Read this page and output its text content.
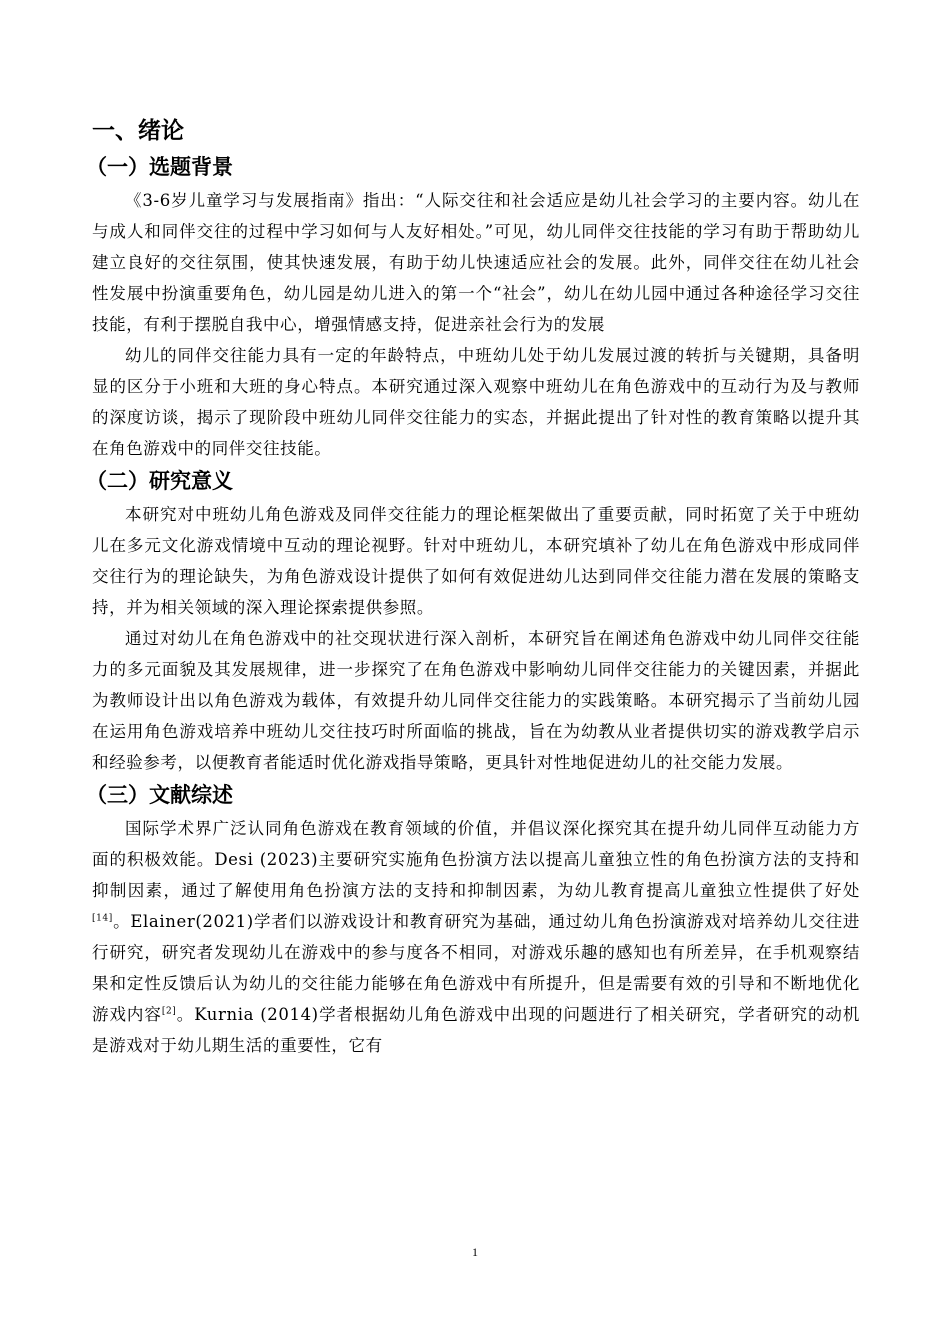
一、绪论
（一）选题背景

《3-6岁儿童学习与发展指南》指出：“人际交往和社会适应是幼儿社会学习的主要内容。幼儿在与成人和同伴交往的过程中学习如何与人友好相处。”可见，幼儿同伴交往技能的学习有助于帮助幼儿建立良好的交往氛围，使其快速发展，有助于幼儿快速适应社会的发展。此外，同伴交往在幼儿社会性发展中扮演重要角色，幼儿园是幼儿进入的第一个“社会”，幼儿在幼儿园中通过各种途径学习交往技能，有利于摆脱自我中心，增强情感支持，促进亲社会行为的发展

幼儿的同伴交往能力具有一定的年龄特点，中班幼儿处于幼儿发展过渡的转折与关键期，具备明显的区分于小班和大班的身心特点。本研究通过深入观察中班幼儿在角色游戏中的互动行为及与教师的深度访谈，揭示了现阶段中班幼儿同伴交往能力的实态，并据此提出了针对性的教育策略以提升其在角色游戏中的同伴交往技能。

（二）研究意义

本研究对中班幼儿角色游戏及同伴交往能力的理论框架做出了重要贡献，同时拓宽了关于中班幼儿在多元文化游戏情境中互动的理论视野。针对中班幼儿，本研究填补了幼儿在角色游戏中形成同伴交往行为的理论缺失，为角色游戏设计提供了如何有效促进幼儿达到同伴交往能力潜在发展的策略支持，并为相关领域的深入理论探索提供参照。

通过对幼儿在角色游戏中的社交现状进行深入剖析，本研究旨在阐述角色游戏中幼儿同伴交往能力的多元面貌及其发展规律，进一步探究了在角色游戏中影响幼儿同伴交往能力的关键因素，并据此为教师设计出以角色游戏为载体，有效提升幼儿同伴交往能力的实践策略。本研究揭示了当前幼儿园在运用角色游戏培养中班幼儿交往技巧时所面临的挑战，旨在为幼教从业者提供切实的游戏教学启示和经验参考，以便教育者能适时优化游戏指导策略，更具针对性地促进幼儿的社交能力发展。

（三）文献综述

国际学术界广泛认同角色游戏在教育领域的价值，并倡议深化探究其在提升幼儿同伴互动能力方面的积极效能。Desi (2023)主要研究实施角色扮演方法以提高儿童独立性的角色扮演方法的支持和抑制因素，通过了解使用角色扮演方法的支持和抑制因素，为幼儿教育提高儿童独立性提供了好处[14]。Elainer(2021)学者们以游戏设计和教育研究为基础，通过幼儿角色扮演游戏对培养幼儿交往进行研究，研究者发现幼儿在游戏中的参与度各不相同，对游戏乐趣的感知也有所差异，在手机观察结果和定性反馈后认为幼儿的交往能力能够在角色游戏中有所提升，但是需要有效的引导和不断地优化游戏内容[2]。Kurnia (2014)学者根据幼儿角色游戏中出现的问题进行了相关研究，学者研究的动机是游戏对于幼儿期生活的重要性，它有

1
